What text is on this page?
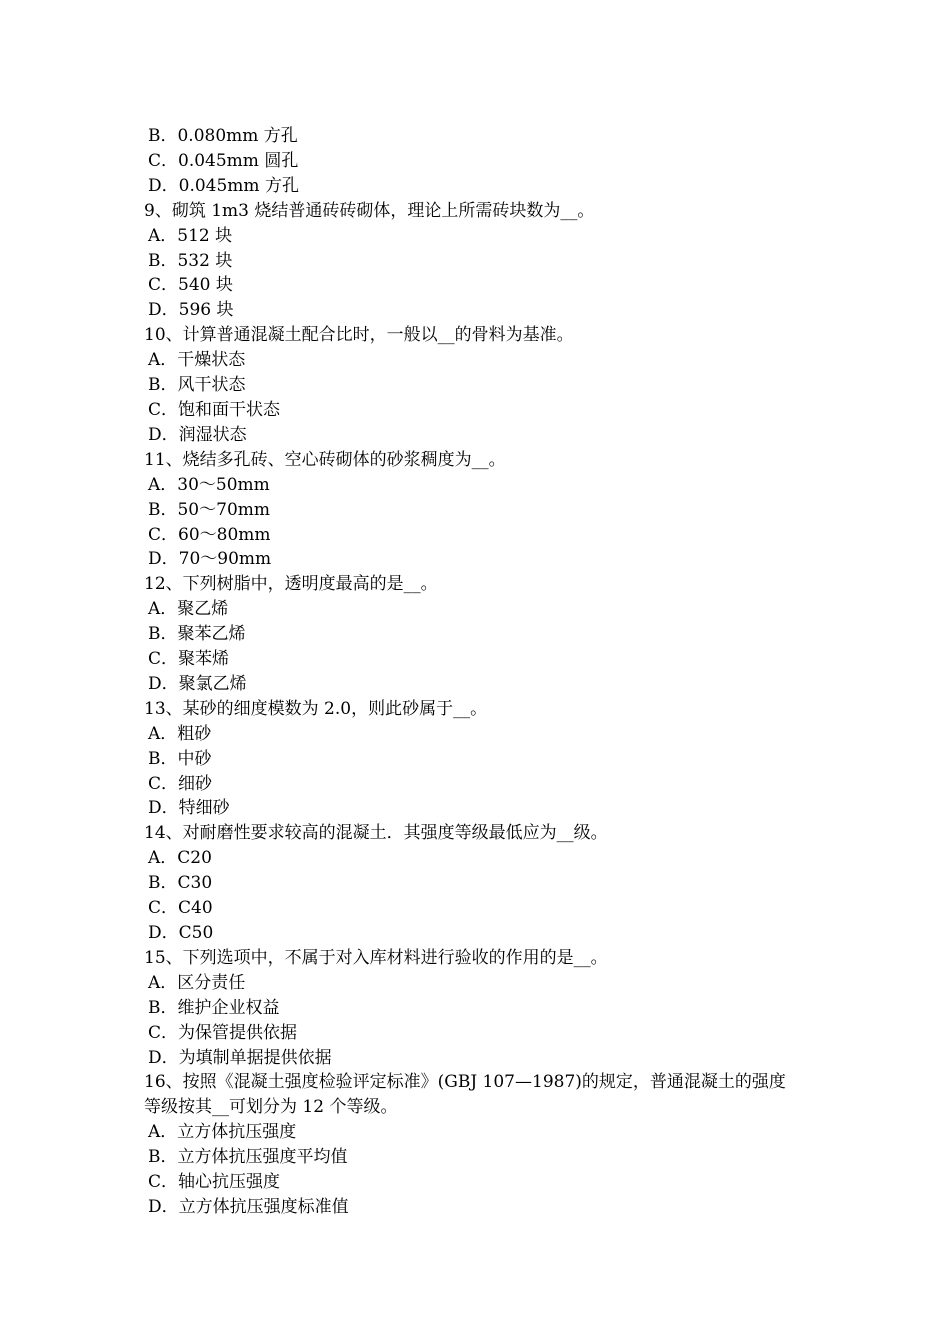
B．0.080mm 方孔
C．0.045mm 圆孔
D．0.045mm 方孔
9、砌筑 1m3 烧结普通砖砖砌体，理论上所需砖块数为__。
A．512 块
B．532 块
C．540 块
D．596 块
10、计算普通混凝土配合比时，一般以__的骨料为基准。
A．干燥状态
B．风干状态
C．饱和面干状态
D．润湿状态
11、烧结多孔砖、空心砖砌体的砂浆稠度为__。
A．30～50mm
B．50～70mm
C．60～80mm
D．70～90mm
12、下列树脂中，透明度最高的是__。
A．聚乙烯
B．聚苯乙烯
C．聚苯烯
D．聚氯乙烯
13、某砂的细度模数为 2.0，则此砂属于__。
A．粗砂
B．中砂
C．细砂
D．特细砂
14、对耐磨性要求较高的混凝土．其强度等级最低应为__级。
A．C20
B．C30
C．C40
D．C50
15、下列选项中，不属于对入库材料进行验收的作用的是__。
A．区分责任
B．维护企业权益
C．为保管提供依据
D．为填制单据提供依据
16、按照《混凝土强度检验评定标准》(GBJ 107—1987)的规定，普通混凝土的强度
等级按其__可划分为 12 个等级。
A．立方体抗压强度
B．立方体抗压强度平均值
C．轴心抗压强度
D．立方体抗压强度标准值
